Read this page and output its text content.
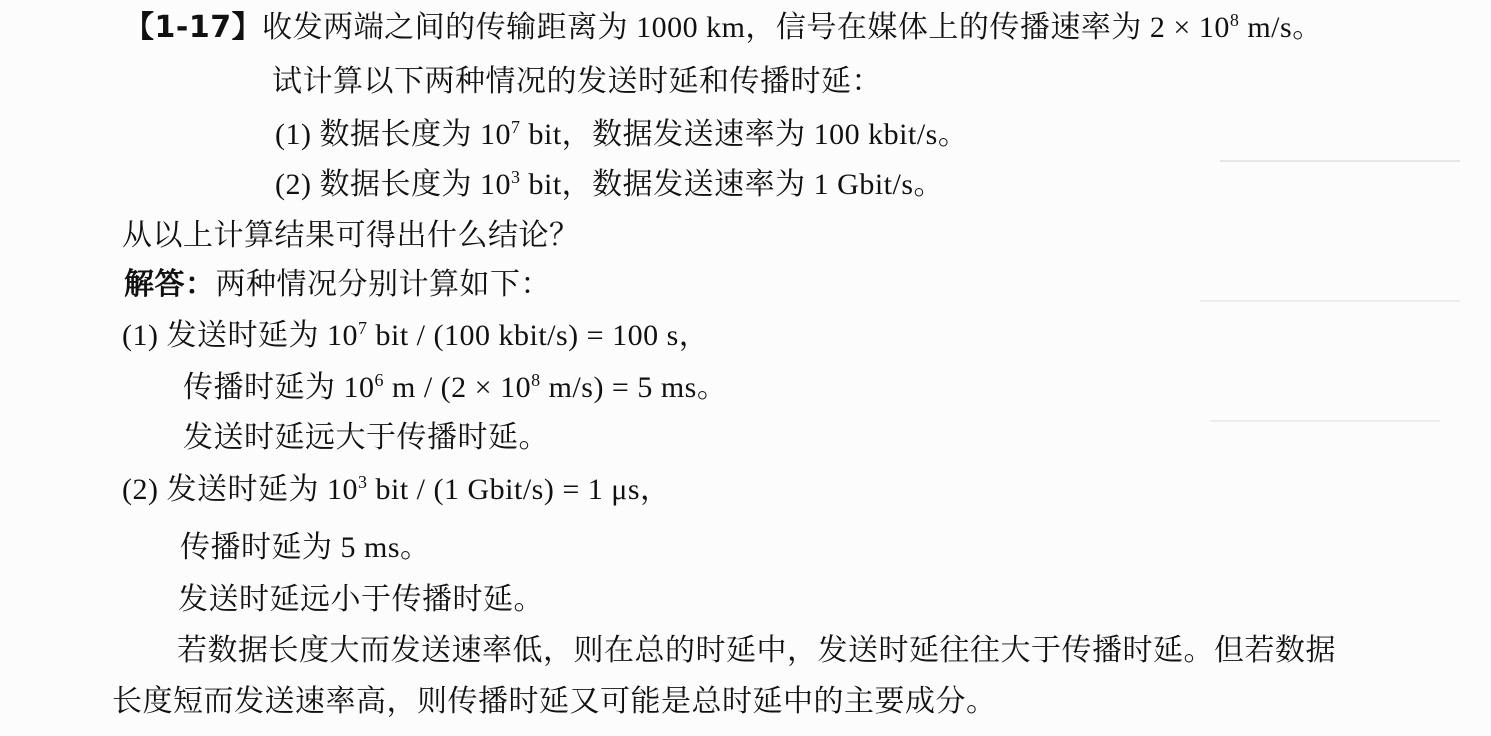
【1-17】收发两端之间的传输距离为 1000 km，信号在媒体上的传播速率为 $2 \times 10^8$ m/s。
试计算以下两种情况的发送时延和传播时延：
(1) 数据长度为 $10^7$ bit，数据发送速率为 100 kbit/s。
(2) 数据长度为 $10^3$ bit，数据发送速率为 1 Gbit/s。
从以上计算结果可得出什么结论？
解答：两种情况分别计算如下：
(1) 发送时延为 $10^7$ bit / (100 kbit/s) = 100 s，
传播时延为 $10^6$ $m / (2 \times 10^8$ m/s) = 5 ms。
发送时延远大于传播时延。
(2) 发送时延为 $10^3$ bit / (1 Gbit/s) = 1 μs，
传播时延为 5 ms。
发送时延远小于传播时延。
若数据长度大而发送速率低，则在总的时延中，发送时延往往大于传播时延。但若数据
长度短而发送速率高，则传播时延又可能是总时延中的主要成分。
